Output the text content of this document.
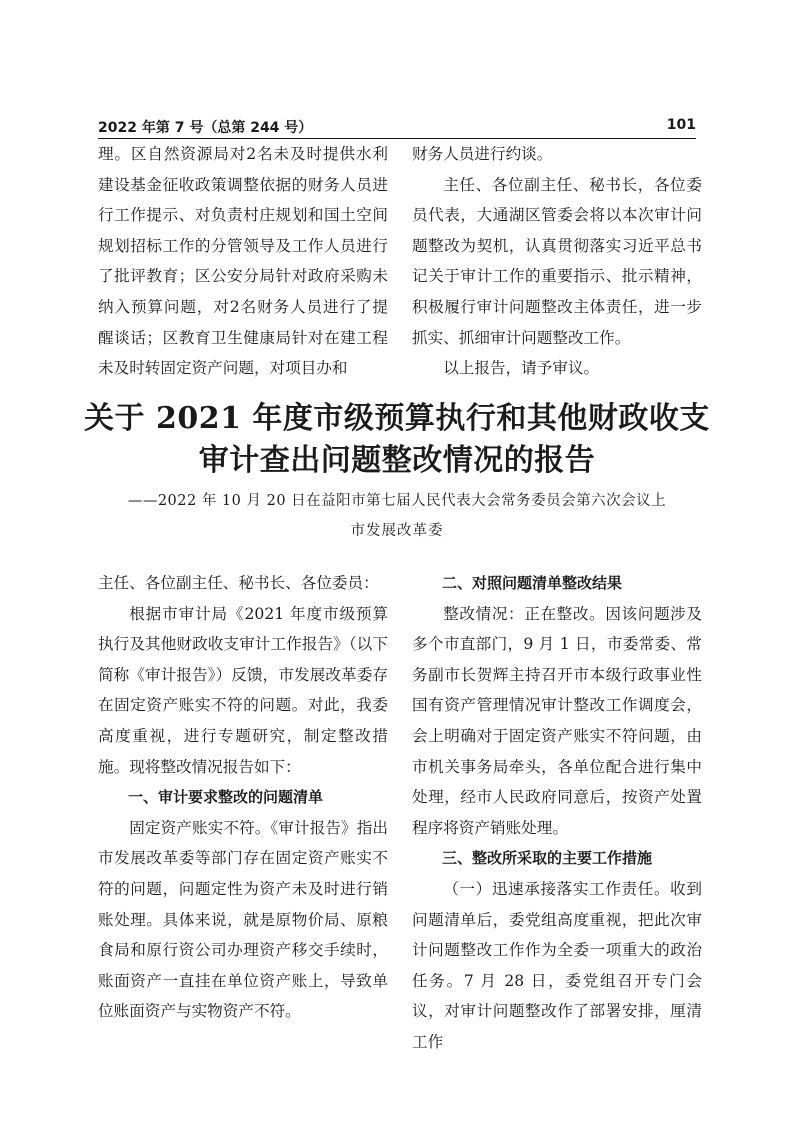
2022 年第 7 号（总第 244 号）	101

理。区自然资源局对2名未及时提供水利建设基金征收政策调整依据的财务人员进行工作提示、对负责村庄规划和国土空间规划招标工作的分管领导及工作人员进行了批评教育；区公安分局针对政府采购未纳入预算问题，对2名财务人员进行了提醒谈话；区教育卫生健康局针对在建工程未及时转固定资产问题，对项目办和

财务人员进行约谈。

主任、各位副主任、秘书长，各位委员代表，大通湖区管委会将以本次审计问题整改为契机，认真贯彻落实习近平总书记关于审计工作的重要指示、批示精神，积极履行审计问题整改主体责任，进一步抓实、抓细审计问题整改工作。

以上报告，请予审议。

关于 2021 年度市级预算执行和其他财政收支
审计查出问题整改情况的报告
——2022 年 10 月 20 日在益阳市第七届人民代表大会常务委员会第六次会议上
市发展改革委

主任、各位副主任、秘书长、各位委员：

根据市审计局《2021 年度市级预算执行及其他财政收支审计工作报告》（以下简称《审计报告》）反馈，市发展改革委存在固定资产账实不符的问题。对此，我委高度重视，进行专题研究，制定整改措施。现将整改情况报告如下：

一、审计要求整改的问题清单

固定资产账实不符。《审计报告》指出市发展改革委等部门存在固定资产账实不符的问题，问题定性为资产未及时进行销账处理。具体来说，就是原物价局、原粮食局和原行资公司办理资产移交手续时，账面资产一直挂在单位资产账上，导致单位账面资产与实物资产不符。

二、对照问题清单整改结果

整改情况：正在整改。因该问题涉及多个市直部门，9 月 1 日，市委常委、常务副市长贺辉主持召开市本级行政事业性国有资产管理情况审计整改工作调度会，会上明确对于固定资产账实不符问题，由市机关事务局牵头，各单位配合进行集中处理，经市人民政府同意后，按资产处置程序将资产销账处理。

三、整改所采取的主要工作措施

（一）迅速承接落实工作责任。收到问题清单后，委党组高度重视，把此次审计问题整改工作作为全委一项重大的政治任务。7 月 28 日，委党组召开专门会议，对审计问题整改作了部署安排，厘清工作
